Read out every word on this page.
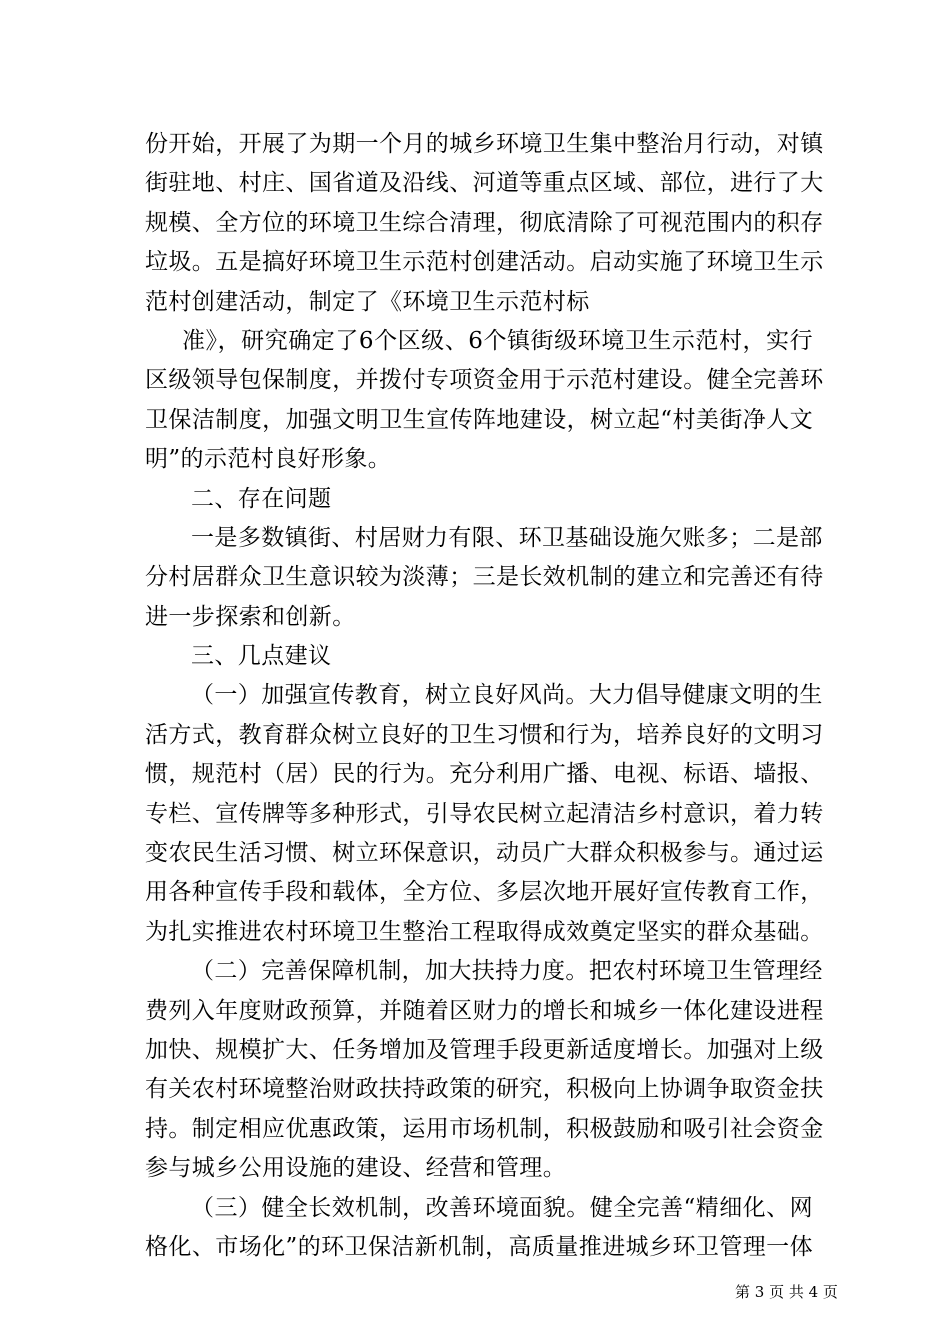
份开始，开展了为期一个月的城乡环境卫生集中整治月行动，对镇
街驻地、村庄、国省道及沿线、河道等重点区域、部位，进行了大
规模、全方位的环境卫生综合清理，彻底清除了可视范围内的积存
垃圾。五是搞好环境卫生示范村创建活动。启动实施了环境卫生示
范村创建活动，制定了《环境卫生示范村标
准》，研究确定了6个区级、6个镇街级环境卫生示范村，实行
区级领导包保制度，并拨付专项资金用于示范村建设。健全完善环
卫保洁制度，加强文明卫生宣传阵地建设，树立起“村美街净人文
明”的示范村良好形象。
二、存在问题
一是多数镇街、村居财力有限、环卫基础设施欠账多；二是部
分村居群众卫生意识较为淡薄；三是长效机制的建立和完善还有待
进一步探索和创新。
三、几点建议
（一）加强宣传教育，树立良好风尚。大力倡导健康文明的生
活方式，教育群众树立良好的卫生习惯和行为，培养良好的文明习
惯，规范村（居）民的行为。充分利用广播、电视、标语、墙报、
专栏、宣传牌等多种形式，引导农民树立起清洁乡村意识，着力转
变农民生活习惯、树立环保意识，动员广大群众积极参与。通过运
用各种宣传手段和载体，全方位、多层次地开展好宣传教育工作，
为扎实推进农村环境卫生整治工程取得成效奠定坚实的群众基础。
（二）完善保障机制，加大扶持力度。把农村环境卫生管理经
费列入年度财政预算，并随着区财力的增长和城乡一体化建设进程
加快、规模扩大、任务增加及管理手段更新适度增长。加强对上级
有关农村环境整治财政扶持政策的研究，积极向上协调争取资金扶
持。制定相应优惠政策，运用市场机制，积极鼓励和吸引社会资金
参与城乡公用设施的建设、经营和管理。
（三）健全长效机制，改善环境面貌。健全完善“精细化、网
格化、市场化”的环卫保洁新机制，高质量推进城乡环卫管理一体
第 3 页 共 4 页
